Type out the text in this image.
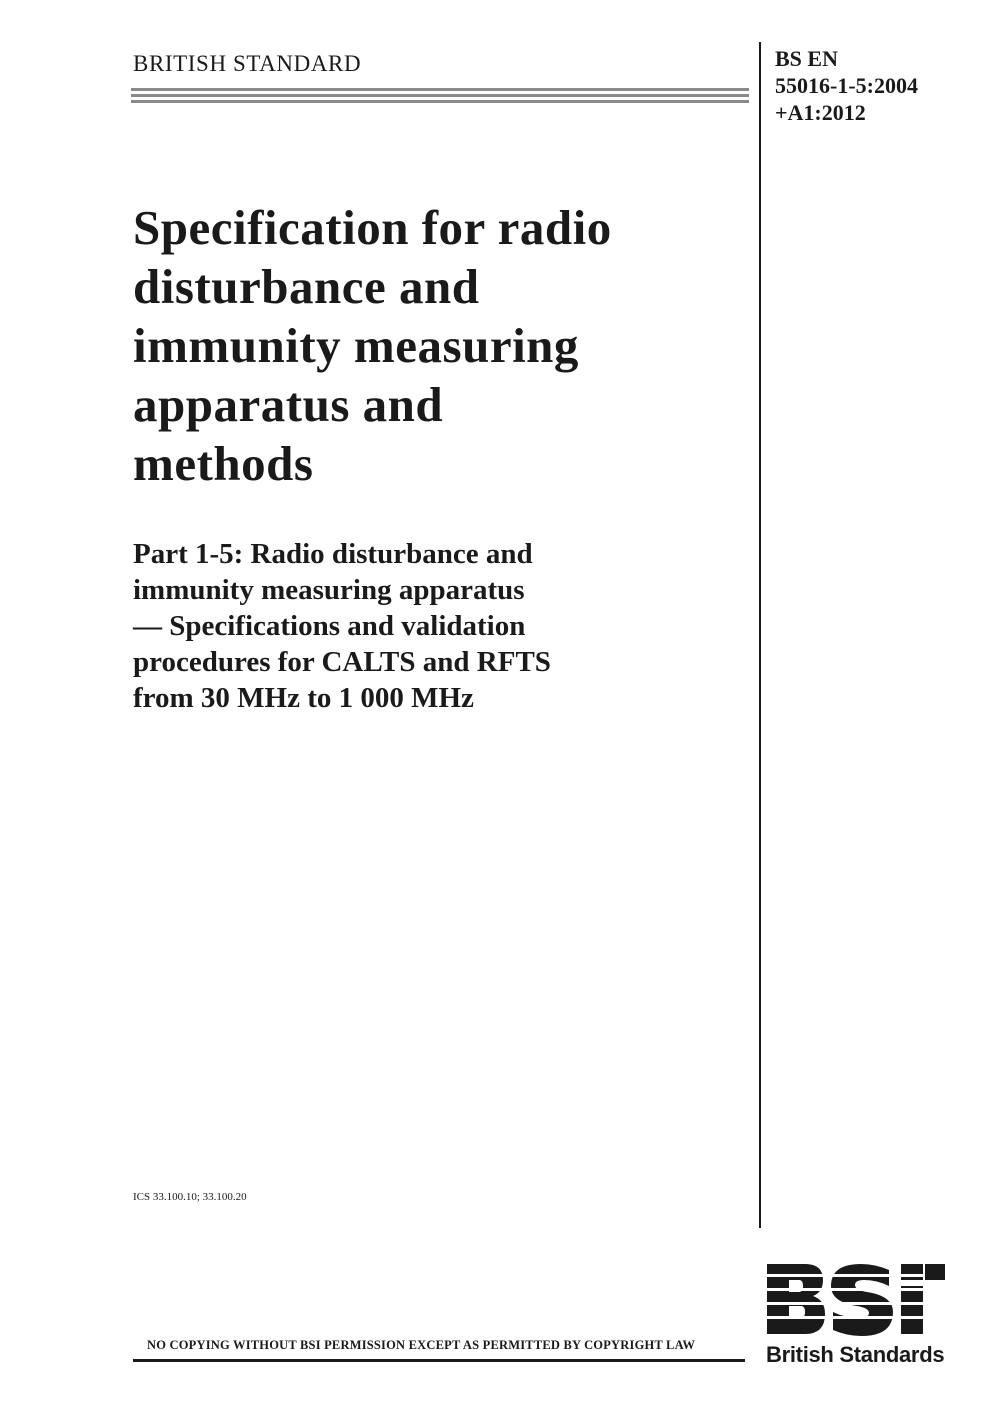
BRITISH STANDARD	BS EN
55016-1-5:2004
+A1:2012
Specification for radio
disturbance and
immunity measuring
apparatus and
methods
Part 1-5: Radio disturbance and
immunity measuring apparatus
— Specifications and validation
procedures for CALTS and RFTS
from 30 MHz to 1 000 MHz
ICS 33.100.10; 33.100.20
NO COPYING WITHOUT BSI PERMISSION EXCEPT AS PERMITTED BY COPYRIGHT LAW	British Standards
